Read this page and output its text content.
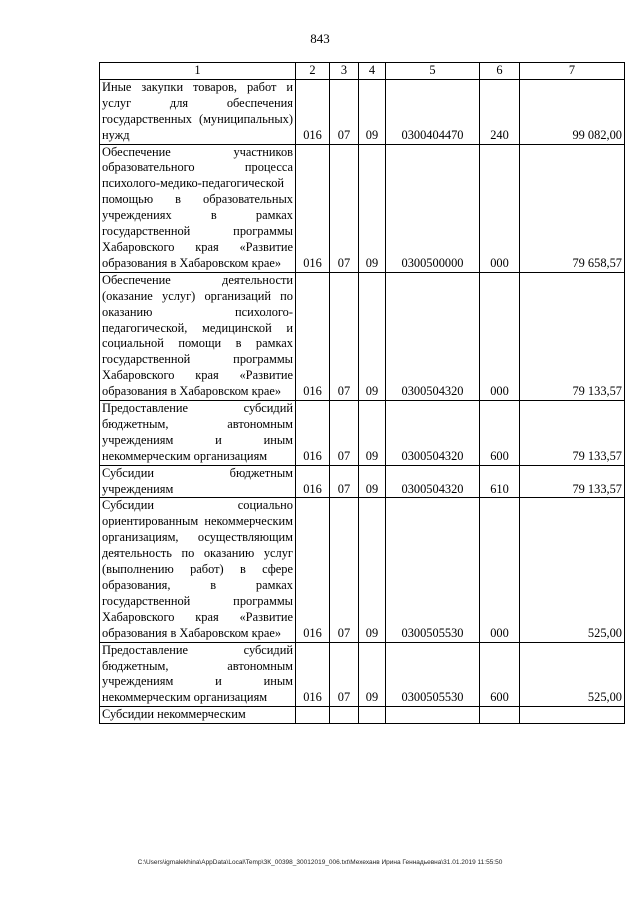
843
1	2	3	4	5	6	7
Иные закупки товаров, работ и услуг для обеспечения государственных (муниципальных) нужд	016	07	09	0300404470	240	99 082,00
Обеспечение участников образовательного процесса психолого-медико-педагогической помощью в образовательных учреждениях в рамках государственной программы Хабаровского края «Развитие образования в Хабаровском крае»	016	07	09	0300500000	000	79 658,57
Обеспечение деятельности (оказание услуг) организаций по оказанию психолого-педагогической, медицинской и социальной помощи в рамках государственной программы Хабаровского края «Развитие образования в Хабаровском крае»	016	07	09	0300504320	000	79 133,57
Предоставление субсидий бюджетным, автономным учреждениям и иным некоммерческим организациям	016	07	09	0300504320	600	79 133,57
Субсидии бюджетным учреждениям	016	07	09	0300504320	610	79 133,57
Субсидии социально ориентированным некоммерческим организациям, осуществляющим деятельность по оказанию услуг (выполнению работ) в сфере образования, в рамках государственной программы Хабаровского края «Развитие образования в Хабаровском крае»	016	07	09	0300505530	000	525,00
Предоставление субсидий бюджетным, автономным учреждениям и иным некоммерческим организациям	016	07	09	0300505530	600	525,00
Субсидии некоммерческим						
C:\Users\igmalekhina\AppData\Local\Temp\ЗК_00398_30012019_006.txt\Мехеханв Ирина Геннадьевна\31.01.2019 11:55:50
